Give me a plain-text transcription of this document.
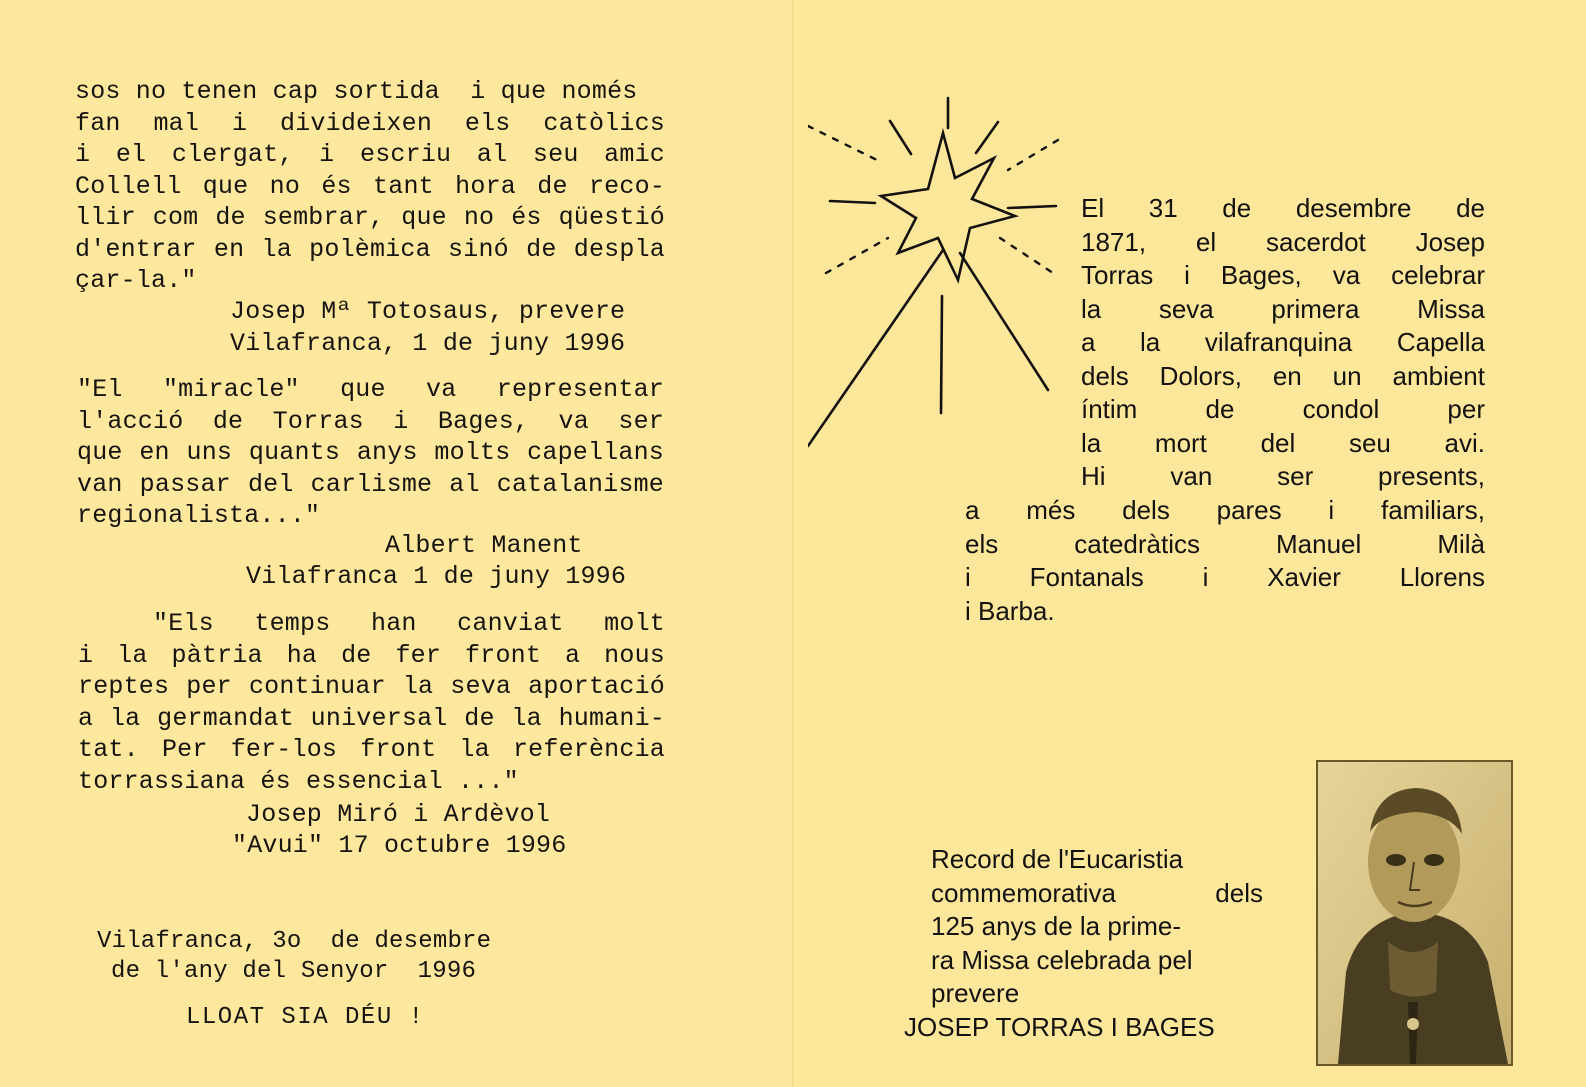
sos no tenen cap sortida  i que només
fan mal i divideixen els catòlics
i el clergat, i escriu al seu amic
Collell que no és tant hora de reco-
llir com de sembrar, que no és qüestió
d'entrar en la polèmica sinó de despla
çar-la."
Josep Mª Totosaus, prevere
Vilafranca, 1 de juny 1996
"El "miracle" que va representar
l'acció de Torras i Bages, va ser
que en uns quants anys molts capellans
van passar del carlisme al catalanisme
regionalista..."
Albert Manent
Vilafranca 1 de juny 1996
"Els temps han canviat molt
i la pàtria ha de fer front a nous
reptes per continuar la seva aportació
a la germandat universal de la humani-
tat. Per fer-los front la referència
torrassiana és essencial ..."
Josep Miró i Ardèvol
"Avui" 17 octubre 1996
Vilafranca, 3o  de desembre
de l'any del Senyor  1996
LLOAT SIA DÉU !
El 31 de desembre de
1871, el sacerdot Josep
Torras i Bages, va celebrar
la seva primera Missa
a la vilafranquina Capella
dels Dolors, en un ambient
íntim de condol per
la mort del seu avi.
Hi van ser presents,
a més dels pares i familiars,
els catedràtics Manuel Milà
i Fontanals i Xavier Llorens
i Barba.
Record de l'Eucaristia
commemorativa dels
125 anys de la prime-
ra Missa celebrada pel
prevere
JOSEP TORRAS I BAGES
